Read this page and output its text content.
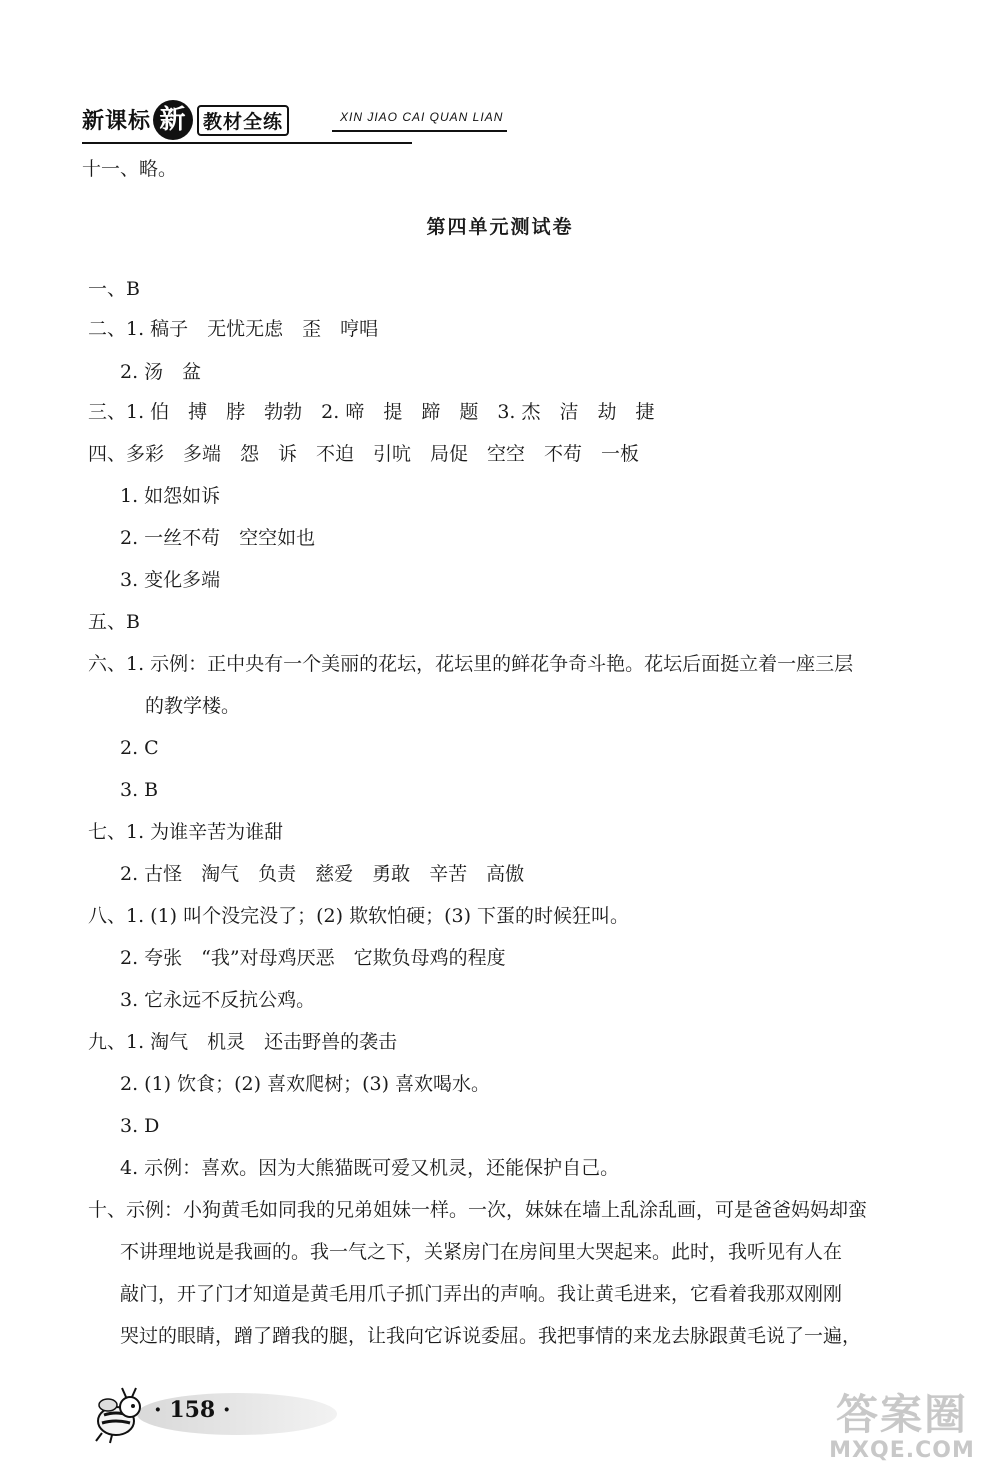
新课标 新 教材全练	XIN JIAO CAI QUAN LIAN
十一、略。
第四单元测试卷
一、B
二、1. 稿子　无忧无虑　歪　哼唱
2. 汤　盆
三、1. 伯　搏　脖　勃勃　2. 啼　提　蹄　题　3. 杰　洁　劫　捷
四、多彩　多端　怨　诉　不迫　引吭　局促　空空　不苟　一板
1. 如怨如诉
2. 一丝不苟　空空如也
3. 变化多端
五、B
六、1. 示例：正中央有一个美丽的花坛，花坛里的鲜花争奇斗艳。花坛后面挺立着一座三层
的教学楼。
2. C
3. B
七、1. 为谁辛苦为谁甜
2. 古怪　淘气　负责　慈爱　勇敢　辛苦　高傲
八、1. (1) 叫个没完没了；(2) 欺软怕硬；(3) 下蛋的时候狂叫。
2. 夸张　“我”对母鸡厌恶　它欺负母鸡的程度
3. 它永远不反抗公鸡。
九、1. 淘气　机灵　还击野兽的袭击
2. (1) 饮食；(2) 喜欢爬树；(3) 喜欢喝水。
3. D
4. 示例：喜欢。因为大熊猫既可爱又机灵，还能保护自己。
十、示例：小狗黄毛如同我的兄弟姐妹一样。一次，妹妹在墙上乱涂乱画，可是爸爸妈妈却蛮
不讲理地说是我画的。我一气之下，关紧房门在房间里大哭起来。此时，我听见有人在
敲门，开了门才知道是黄毛用爪子抓门弄出的声响。我让黄毛进来，它看着我那双刚刚
哭过的眼睛，蹭了蹭我的腿，让我向它诉说委屈。我把事情的来龙去脉跟黄毛说了一遍，
· 158 ·	答案圈
MXQE.COM
